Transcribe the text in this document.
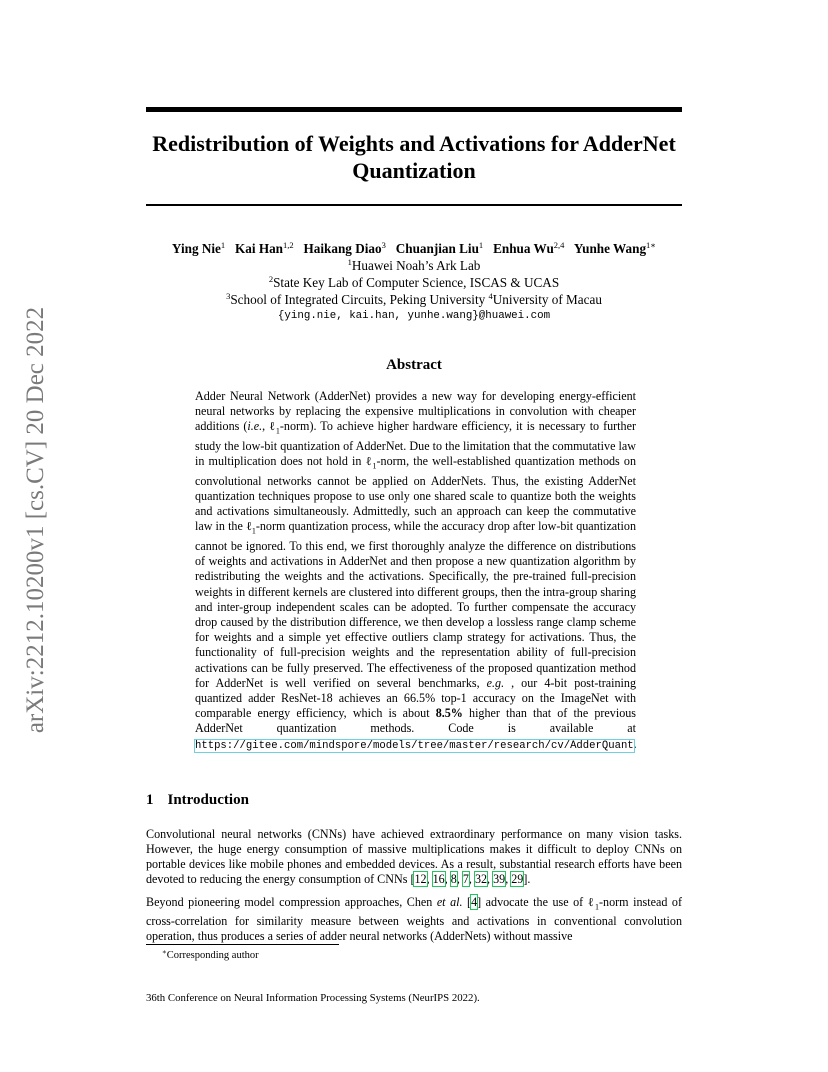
arXiv:2212.10200v1 [cs.CV] 20 Dec 2022
Redistribution of Weights and Activations for AdderNet Quantization
Ying Nie$^1$ Kai Han$^{1,2}$ Haikang Diao$^3$ Chuanjian Liu$^1$ Enhua Wu$^{2,4}$ Yunhe Wang$^{1∗}$
$^1$Huawei Noah’s Ark Lab
$^2$State Key Lab of Computer Science, ISCAS & UCAS
$^3$School of Integrated Circuits, Peking University $^4$University of Macau
{ying.nie, kai.han, yunhe.wang}@huawei.com
Abstract
Adder Neural Network (AdderNet) provides a new way for developing energy-efficient neural networks by replacing the expensive multiplications in convolution with cheaper additions (i.e., ℓ$_1$-norm). To achieve higher hardware efficiency, it is necessary to further study the low-bit quantization of AdderNet. Due to the limitation that the commutative law in multiplication does not hold in ℓ$_1$-norm, the well-established quantization methods on convolutional networks cannot be applied on AdderNets. Thus, the existing AdderNet quantization techniques propose to use only one shared scale to quantize both the weights and activations simultaneously. Admittedly, such an approach can keep the commutative law in the ℓ$_1$-norm quantization process, while the accuracy drop after low-bit quantization cannot be ignored. To this end, we first thoroughly analyze the difference on distributions of weights and activations in AdderNet and then propose a new quantization algorithm by redistributing the weights and the activations. Specifically, the pre-trained full-precision weights in different kernels are clustered into different groups, then the intra-group sharing and inter-group independent scales can be adopted. To further compensate the accuracy drop caused by the distribution difference, we then develop a lossless range clamp scheme for weights and a simple yet effective outliers clamp strategy for activations. Thus, the functionality of full-precision weights and the representation ability of full-precision activations can be fully preserved. The effectiveness of the proposed quantization method for AdderNet is well verified on several benchmarks, e.g. , our 4-bit post-training quantized adder ResNet-18 achieves an 66.5% top-1 accuracy on the ImageNet with comparable energy efficiency, which is about 8.5% higher than that of the previous AdderNet quantization methods. Code is available at https://gitee.com/mindspore/models/tree/master/research/cv/AdderQuant.
1 Introduction
Convolutional neural networks (CNNs) have achieved extraordinary performance on many vision tasks. However, the huge energy consumption of massive multiplications makes it difficult to deploy CNNs on portable devices like mobile phones and embedded devices. As a result, substantial research efforts have been devoted to reducing the energy consumption of CNNs [12, 16, 8, 7, 32, 39, 29].
Beyond pioneering model compression approaches, Chen et al. [4] advocate the use of ℓ$_1$-norm instead of cross-correlation for similarity measure between weights and activations in conventional convolution operation, thus produces a series of adder neural networks (AdderNets) without massive
∗Corresponding author
36th Conference on Neural Information Processing Systems (NeurIPS 2022).
